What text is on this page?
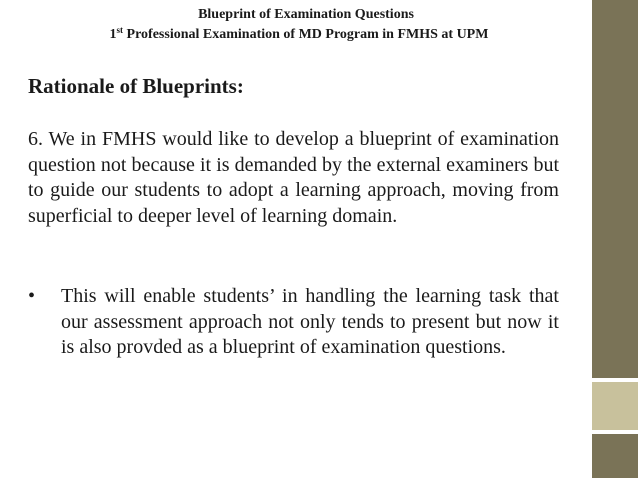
Blueprint of Examination Questions
1st Professional Examination of MD Program in FMHS at UPM
Rationale of Blueprints:
6. We in FMHS would like to develop a blueprint of examination question not because it is demanded by the external examiners but to guide our students to adopt a learning approach, moving from superficial to deeper level of learning domain.
• This will enable students’ in handling the learning task that our assessment approach not only tends to present but now it is also provded as a blueprint of examination questions.
